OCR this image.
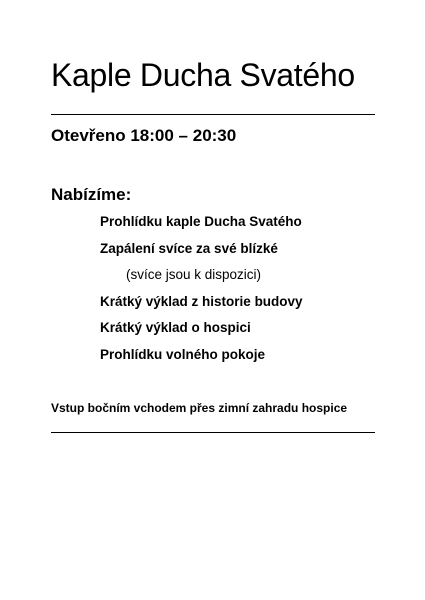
Kaple Ducha Svatého
Otevřeno 18:00 – 20:30
Nabízíme:
Prohlídku kaple Ducha Svatého
Zapálení svíce za své blízké
(svíce jsou k dispozici)
Krátký výklad z historie budovy
Krátký výklad o hospici
Prohlídku volného pokoje
Vstup bočním vchodem přes zimní zahradu hospice
